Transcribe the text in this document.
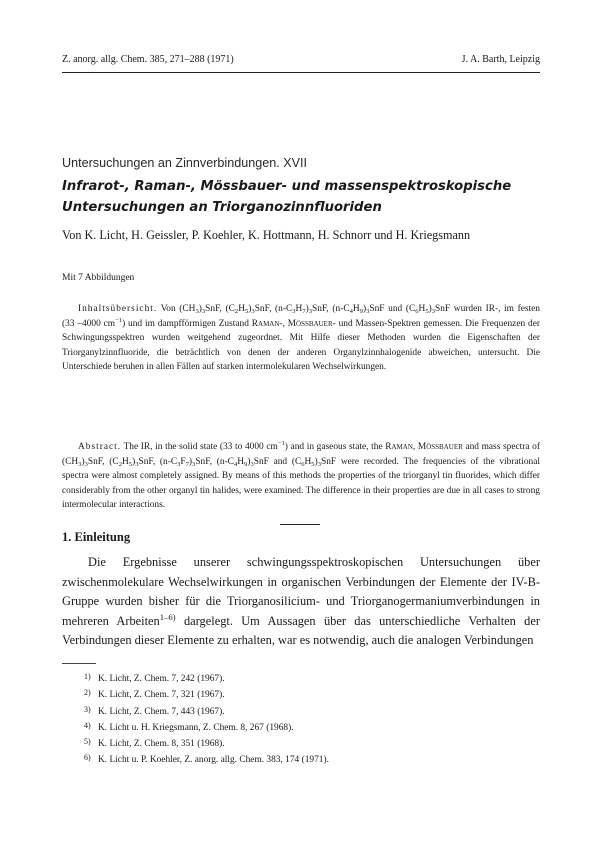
Z. anorg. allg. Chem. 385, 271–288 (1971)	J. A. Barth, Leipzig
Untersuchungen an Zinnverbindungen. XVII
Infrarot-, Raman-, Mössbauer- und massenspektroskopische Untersuchungen an Triorganozinnfluoriden
Von K. Licht, H. Geissler, P. Koehler, K. Hottmann, H. Schnorr und H. Kriegsmann
Mit 7 Abbildungen

Inhaltsübersicht. Von $(CH_3)_3SnF$, $(C_2H_5)_3SnF$, $(n-C_3H_7)_3SnF$, $(n-C_4H_9)_3SnF$ und $(C_6H_5)_3SnF$ wurden IR-, im festen (33 –4000 $cm^{-1}$) und im dampfförmigen Zustand Raman-, Mössbauer- und Massen-Spektren gemessen. Die Frequenzen der Schwingungsspektren wurden weitgehend zugeordnet. Mit Hilfe dieser Methoden wurden die Eigenschaften der Triorganylzinnfluoride, die beträchtlich von denen der anderen Organylzinnhalogenide abweichen, untersucht. Die Unterschiede beruhen in allen Fällen auf starken intermolekularen Wechselwirkungen.

Abstract. The IR, in the solid state (33 to 4000 $cm^{-1}$) and in gaseous state, the Raman, Mössbauer and mass spectra of $(CH_3)_3SnF$, $(C_2H_5)_3SnF$, $(n-C_3F_7)_3SnF$, $(n-C_4H_9)_3SnF$ and $(C_6H_5)_3SnF$ were recorded. The frequencies of the vibrational spectra were almost completely assigned. By means of this methods the properties of the triorganyl tin fluorides, which differ considerably from the other organyl tin halides, were examined. The difference in their properties are due in all cases to strong intermolecular interactions.

1. Einleitung

Die Ergebnisse unserer schwingungsspektroskopischen Untersuchungen über zwischenmolekulare Wechselwirkungen in organischen Verbindungen der Elemente der IV-B-Gruppe wurden bisher für die Triorganosilicium- und Triorganogermaniumverbindungen in mehreren Arbeiten$^{1-6)}$ dargelegt. Um Aussagen über das unterschiedliche Verhalten der Verbindungen dieser Elemente zu erhalten, war es notwendig, auch die analogen Verbindungen

1) K. Licht, Z. Chem. 7, 242 (1967).
2) K. Licht, Z. Chem. 7, 321 (1967).
3) K. Licht, Z. Chem. 7, 443 (1967).
4) K. Licht u. H. Kriegsmann, Z. Chem. 8, 267 (1968).
5) K. Licht, Z. Chem. 8, 351 (1968).
6) K. Licht u. P. Koehler, Z. anorg. allg. Chem. 383, 174 (1971).
